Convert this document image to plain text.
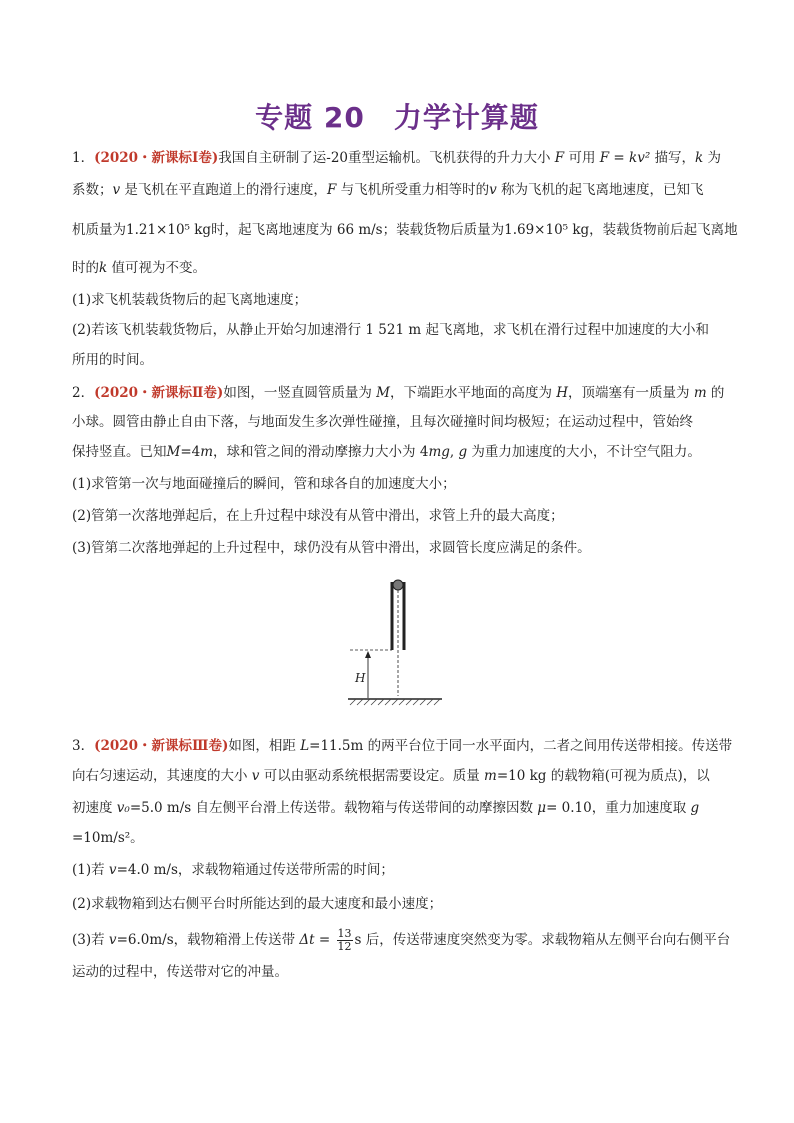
专题 20　力学计算题
1．(2020・新课标Ⅰ卷)我国自主研制了运-20重型运输机。飞机获得的升力大小 F 可用 F = kv² 描写，k 为
系数；v 是飞机在平直跑道上的滑行速度，F 与飞机所受重力相等时的v 称为飞机的起飞离地速度，已知飞
机质量为1.21×10⁵ kg时，起飞离地速度为 66 m/s；装载货物后质量为1.69×10⁵ kg，装载货物前后起飞离地
时的k 值可视为不变。
(1)求飞机装载货物后的起飞离地速度；
(2)若该飞机装载货物后，从静止开始匀加速滑行 1 521 m 起飞离地，求飞机在滑行过程中加速度的大小和
所用的时间。
2．(2020・新课标Ⅱ卷)如图，一竖直圆管质量为 M，下端距水平地面的高度为 H，顶端塞有一质量为 m 的
小球。圆管由静止自由下落，与地面发生多次弹性碰撞，且每次碰撞时间均极短；在运动过程中，管始终
保持竖直。已知M=4m，球和管之间的滑动摩擦力大小为 4mg, g 为重力加速度的大小，不计空气阻力。
(1)求管第一次与地面碰撞后的瞬间，管和球各自的加速度大小；
(2)管第一次落地弹起后，在上升过程中球没有从管中滑出，求管上升的最大高度；
(3)管第二次落地弹起的上升过程中，球仍没有从管中滑出，求圆管长度应满足的条件。
H
3．(2020・新课标Ⅲ卷)如图，相距 L=11.5m 的两平台位于同一水平面内，二者之间用传送带相接。传送带
向右匀速运动，其速度的大小 v 可以由驱动系统根据需要设定。质量 m=10 kg 的载物箱(可视为质点)，以
初速度 v₀=5.0 m/s 自左侧平台滑上传送带。载物箱与传送带间的动摩擦因数 μ= 0.10，重力加速度取 g
=10m/s²。
(1)若 v=4.0 m/s，求载物箱通过传送带所需的时间；
(2)求载物箱到达右侧平台时所能达到的最大速度和最小速度；
(3)若 v=6.0m/s，载物箱滑上传送带 $\Delta t = \frac{13}{12}$ s 后，传送带速度突然变为零。求载物箱从左侧平台向右侧平台
运动的过程中，传送带对它的冲量。
